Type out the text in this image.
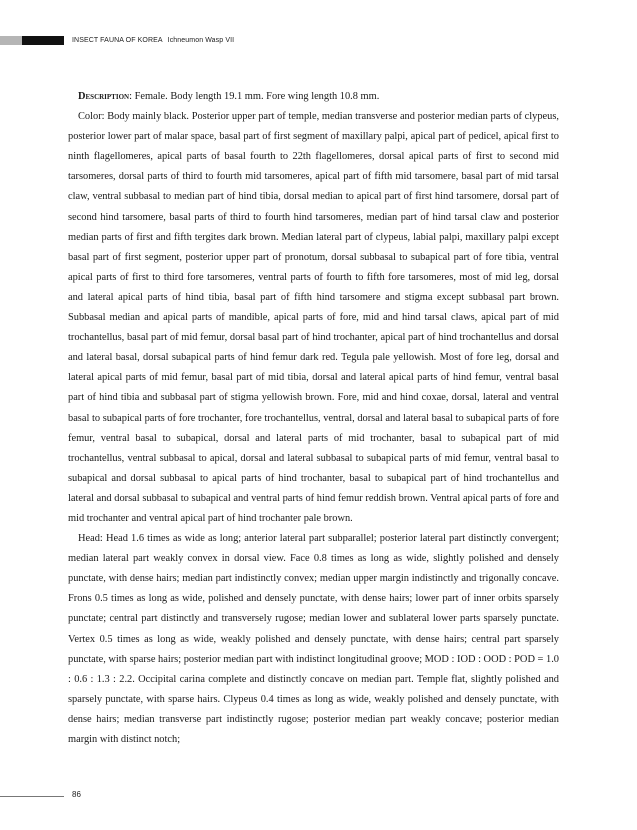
INSECT FAUNA OF KOREA Ichneumon Wasp VII

Description: Female. Body length 19.1 mm. Fore wing length 10.8 mm.

Color: Body mainly black. Posterior upper part of temple, median transverse and posterior median parts of clypeus, posterior lower part of malar space, basal part of first segment of maxillary palpi, apical part of pedicel, apical first to ninth flagellomeres, apical parts of basal fourth to 22th flagellomeres, dorsal apical parts of first to second mid tarsomeres, dorsal parts of third to fourth mid tarsomeres, apical part of fifth mid tarsomere, basal part of mid tarsal claw, ventral subbasal to median part of hind tibia, dorsal median to apical part of first hind tarsomere, dorsal part of second hind tarsomere, basal parts of third to fourth hind tarsomeres, median part of hind tarsal claw and posterior median parts of first and fifth tergites dark brown. Median lateral part of clypeus, labial palpi, maxillary palpi except basal part of first segment, posterior upper part of pronotum, dorsal subbasal to subapical part of fore tibia, ventral apical parts of first to third fore tarsomeres, ventral parts of fourth to fifth fore tarsomeres, most of mid leg, dorsal and lateral apical parts of hind tibia, basal part of fifth hind tarsomere and stigma except subbasal part brown. Subbasal median and apical parts of mandible, apical parts of fore, mid and hind tarsal claws, apical part of mid trochantellus, basal part of mid femur, dorsal basal part of hind trochanter, apical part of hind trochantellus and dorsal and lateral basal, dorsal subapical parts of hind femur dark red. Tegula pale yellowish. Most of fore leg, dorsal and lateral apical parts of mid femur, basal part of mid tibia, dorsal and lateral apical parts of hind femur, ventral basal part of hind tibia and subbasal part of stigma yellowish brown. Fore, mid and hind coxae, dorsal, lateral and ventral basal to subapical parts of fore trochanter, fore trochantellus, ventral, dorsal and lateral basal to subapical parts of fore femur, ventral basal to subapical, dorsal and lateral parts of mid trochanter, basal to subapical part of mid trochantellus, ventral subbasal to apical, dorsal and lateral subbasal to subapical parts of mid femur, ventral basal to subapical and dorsal subbasal to apical parts of hind trochanter, basal to subapical part of hind trochantellus and lateral and dorsal subbasal to subapical and ventral parts of hind femur reddish brown. Ventral apical parts of fore and mid trochanter and ventral apical part of hind trochanter pale brown.

Head: Head 1.6 times as wide as long; anterior lateral part subparallel; posterior lateral part distinctly convergent; median lateral part weakly convex in dorsal view. Face 0.8 times as long as wide, slightly polished and densely punctate, with dense hairs; median part indistinctly convex; median upper margin indistinctly and trigonally concave. Frons 0.5 times as long as wide, polished and densely punctate, with dense hairs; lower part of inner orbits sparsely punctate; central part distinctly and transversely rugose; median lower and sublateral lower parts sparsely punctate. Vertex 0.5 times as long as wide, weakly polished and densely punctate, with dense hairs; central part sparsely punctate, with sparse hairs; posterior median part with indistinct longitudinal groove; MOD : IOD : OOD : POD = 1.0 : 0.6 : 1.3 : 2.2. Occipital carina complete and distinctly concave on median part. Temple flat, slightly polished and sparsely punctate, with sparse hairs. Clypeus 0.4 times as long as wide, weakly polished and densely punctate, with dense hairs; median transverse part indistinctly rugose; posterior median part weakly concave; posterior median margin with distinct notch;

86
